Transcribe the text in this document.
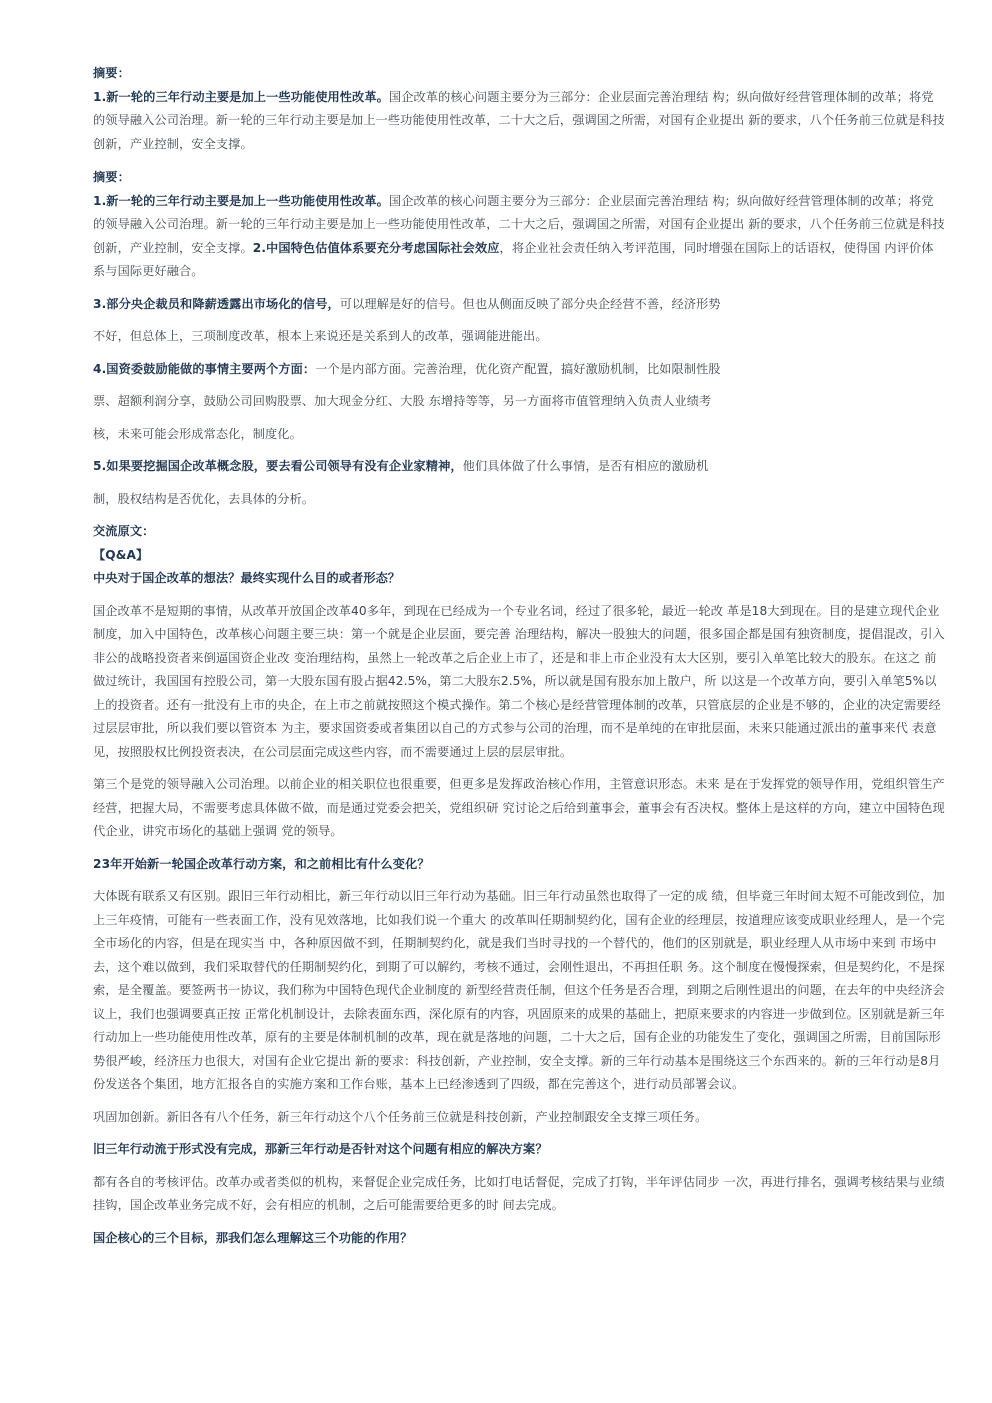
摘要：

1.新一轮的三年行动主要是加上一些功能使用性改革。国企改革的核心问题主要分为三部分：企业层面完善治理结 构；纵向做好经营管理体制的改革；将党的领导融入公司治理。新一轮的三年行动主要是加上一些功能使用性改革，二十大之后，强调国之所需，对国有企业提出 新的要求，八个任务前三位就是科技创新，产业控制，安全支撑。

摘要：

1.新一轮的三年行动主要是加上一些功能使用性改革。国企改革的核心问题主要分为三部分：企业层面完善治理结 构；纵向做好经营管理体制的改革；将党的领导融入公司治理。新一轮的三年行动主要是加上一些功能使用性改革，二十大之后，强调国之所需，对国有企业提出 新的要求，八个任务前三位就是科技创新，产业控制，安全支撑。2.中国特色估值体系要充分考虑国际社会效应，将企业社会责任纳入考评范围，同时增强在国际上的话语权，使得国 内评价体系与国际更好融合。

3.部分央企裁员和降薪透露出市场化的信号，可以理解是好的信号。但也从侧面反映了部分央企经营不善，经济形势

不好，但总体上，三项制度改革，根本上来说还是关系到人的改革，强调能进能出。

4.国资委鼓励能做的事情主要两个方面：一个是内部方面。完善治理，优化资产配置，搞好激励机制，比如限制性股

票、超额利润分享，鼓励公司回购股票、加大现金分红、大股 东增持等等，另一方面将市值管理纳入负责人业绩考

核，未来可能会形成常态化，制度化。

5.如果要挖掘国企改革概念股，要去看公司领导有没有企业家精神，他们具体做了什么事情，是否有相应的激励机

制，股权结构是否优化，去具体的分析。

交流原文：

【Q&A】

中央对于国企改革的想法？最终实现什么目的或者形态？

国企改革不是短期的事情，从改革开放国企改革40多年，到现在已经成为一个专业名词，经过了很多轮，最近一轮改 革是18大到现在。目的是建立现代企业制度，加入中国特色，改革核心问题主要三块：第一个就是企业层面，要完善 治理结构，解决一股独大的问题，很多国企都是国有独资制度，提倡混改，引入非公的战略投资者来倒逼国资企业改 变治理结构，虽然上一轮改革之后企业上市了，还是和非上市企业没有太大区别，要引入单笔比较大的股东。在这之 前做过统计，我国国有控股公司，第一大股东国有股占据42.5%，第二大股东2.5%，所以就是国有股东加上散户，所 以这是一个改革方向，要引入单笔5%以上的投资者。还有一批没有上市的央企，在上市之前就按照这个模式操作。第二个核心是经营管理体制的改革，只管底层的企业是不够的，企业的决定需要经过层层审批，所以我们要以管资本 为主，要求国资委或者集团以自己的方式参与公司的治理，而不是单纯的在审批层面，未来只能通过派出的董事来代 表意见，按照股权比例投资表决，在公司层面完成这些内容，而不需要通过上层的层层审批。

第三个是党的领导融入公司治理。以前企业的相关职位也很重要，但更多是发挥政治核心作用，主管意识形态。未来 是在于发挥党的领导作用，党组织管生产经营，把握大局，不需要考虑具体做不做，而是通过党委会把关，党组织研 究讨论之后给到董事会，董事会有否决权。整体上是这样的方向，建立中国特色现代企业，讲究市场化的基础上强调 党的领导。

23年开始新一轮国企改革行动方案，和之前相比有什么变化？

大体既有联系又有区别。跟旧三年行动相比，新三年行动以旧三年行动为基础。旧三年行动虽然也取得了一定的成 绩，但毕竟三年时间太短不可能改到位，加上三年疫情，可能有一些表面工作，没有见效落地，比如我们说一个重大 的改革叫任期制契约化，国有企业的经理层，按道理应该变成职业经理人，是一个完全市场化的内容，但是在现实当 中，各种原因做不到，任期制契约化，就是我们当时寻找的一个替代的，他们的区别就是，职业经理人从市场中来到 市场中去，这个难以做到，我们采取替代的任期制契约化，到期了可以解约，考核不通过，会刚性退出，不再担任职 务。这个制度在慢慢探索，但是契约化，不是探索，是全覆盖。要签两书一协议，我们称为中国特色现代企业制度的 新型经营责任制，但这个任务是否合理，到期之后刚性退出的问题，在去年的中央经济会议上，我们也强调要真正按 正常化机制设计，去除表面东西，深化原有的内容，巩固原来的成果的基础上，把原来要求的内容进一步做到位。区别就是新三年行动加上一些功能使用性改革，原有的主要是体制机制的改革，现在就是落地的问题，二十大之后，国有企业的功能发生了变化，强调国之所需，目前国际形势很严峻，经济压力也很大，对国有企业它提出 新的要求：科技创新，产业控制，安全支撑。新的三年行动基本是围绕这三个东西来的。新的三年行动是8月份发送各个集团，地方汇报各自的实施方案和工作台账，基本上已经渗透到了四级，都在完善这个，进行动员部署会议。

巩固加创新。新旧各有八个任务，新三年行动这个八个任务前三位就是科技创新，产业控制跟安全支撑三项任务。

旧三年行动流于形式没有完成，那新三年行动是否针对这个问题有相应的解决方案？

都有各自的考核评估。改革办或者类似的机构，来督促企业完成任务，比如打电话督促，完成了打钩，半年评估同步 一次，再进行排名，强调考核结果与业绩挂钩，国企改革业务完成不好，会有相应的机制，之后可能需要给更多的时 间去完成。

国企核心的三个目标，那我们怎么理解这三个功能的作用？
